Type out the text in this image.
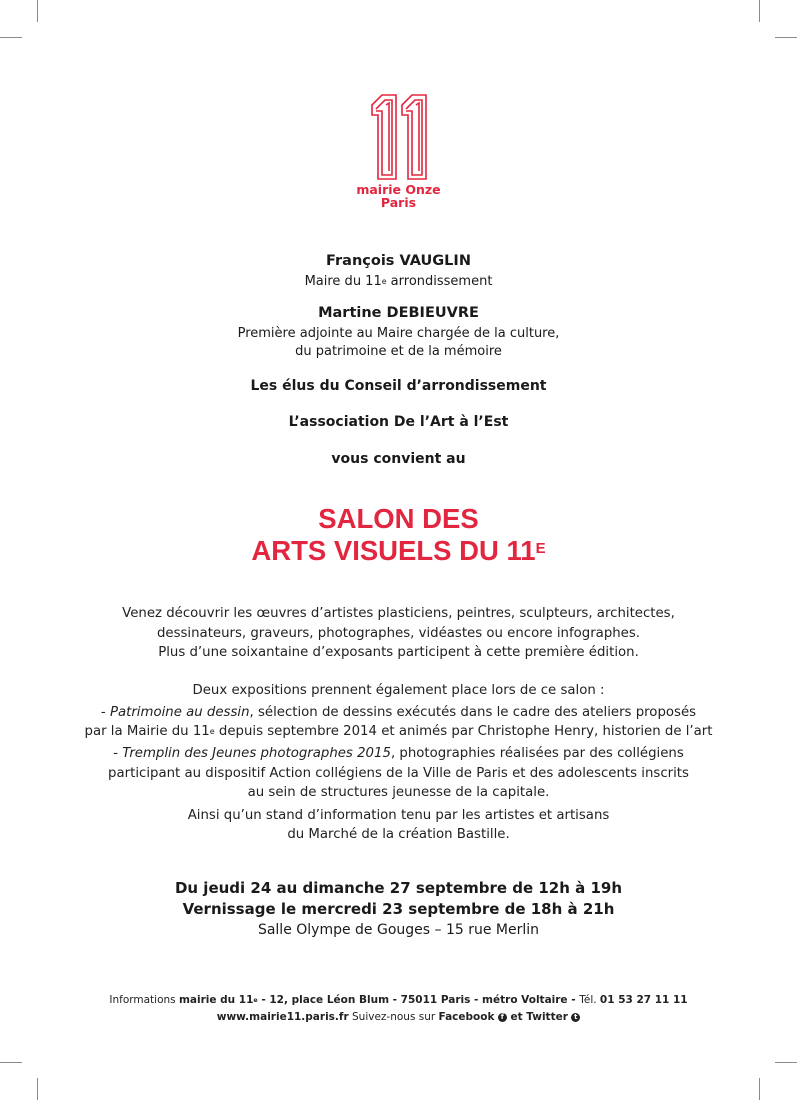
mairie Onze
Paris
François VAUGLIN
Maire du 11e arrondissement
Martine DEBIEUVRE
Première adjointe au Maire chargée de la culture,
du patrimoine et de la mémoire
Les élus du Conseil d’arrondissement
L’association De l’Art à l’Est
vous convient au
SALON DES
ARTS VISUELS DU $11^E$
Venez découvrir les œuvres d’artistes plasticiens, peintres, sculpteurs, architectes,
dessinateurs, graveurs, photographes, vidéastes ou encore infographes.
Plus d’une soixantaine d’exposants participent à cette première édition.
Deux expositions prennent également place lors de ce salon :
- Patrimoine au dessin, sélection de dessins exécutés dans le cadre des ateliers proposés
par la Mairie du 11e depuis septembre 2014 et animés par Christophe Henry, historien de l’art
- Tremplin des Jeunes photographes 2015, photographies réalisées par des collégiens
participant au dispositif Action collégiens de la Ville de Paris et des adolescents inscrits
au sein de structures jeunesse de la capitale.
Ainsi qu’un stand d’information tenu par les artistes et artisans
du Marché de la création Bastille.
Du jeudi 24 au dimanche 27 septembre de 12h à 19h
Vernissage le mercredi 23 septembre de 18h à 21h
Salle Olympe de Gouges – 15 rue Merlin
Informations mairie du 11e - 12, place Léon Blum - 75011 Paris - métro Voltaire - Tél. 01 53 27 11 11
www.mairie11.paris.fr Suivez-nous sur Facebook f et Twitter t
